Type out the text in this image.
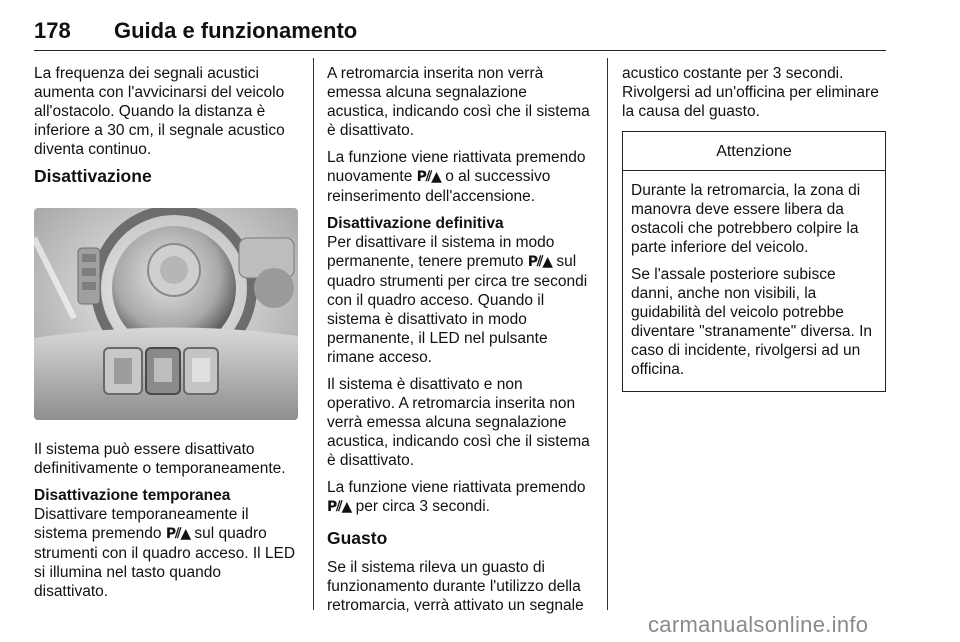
178 Guida e funzionamento

La frequenza dei segnali acustici aumenta con l'avvicinarsi del veicolo all'ostacolo. Quando la distanza è inferiore a 30 cm, il segnale acustico diventa continuo.

Disattivazione

Il sistema può essere disattivato definitivamente o temporaneamente.

Disattivazione temporanea

Disattivare temporaneamente il sistema premendo P⫽▲ sul quadro strumenti con il quadro acceso. Il LED si illumina nel tasto quando disattivato.

A retromarcia inserita non verrà emessa alcuna segnalazione acustica, indicando così che il sistema è disattivato.

La funzione viene riattivata premendo nuovamente P⫽▲ o al successivo reinserimento dell'accensione.

Disattivazione definitiva

Per disattivare il sistema in modo permanente, tenere premuto P⫽▲ sul quadro strumenti per circa tre secondi con il quadro acceso. Quando il sistema è disattivato in modo permanente, il LED nel pulsante rimane acceso.

Il sistema è disattivato e non operativo. A retromarcia inserita non verrà emessa alcuna segnalazione acustica, indicando così che il sistema è disattivato.

La funzione viene riattivata premendo P⫽▲ per circa 3 secondi.

Guasto

Se il sistema rileva un guasto di funzionamento durante l'utilizzo della retromarcia, verrà attivato un segnale

acustico costante per 3 secondi. Rivolgersi ad un'officina per eliminare la causa del guasto.

Attenzione

Durante la retromarcia, la zona di manovra deve essere libera da ostacoli che potrebbero colpire la parte inferiore del veicolo.

Se l'assale posteriore subisce danni, anche non visibili, la guidabilità del veicolo potrebbe diventare "stranamente" diversa. In caso di incidente, rivolgersi ad un officina.

carmanualsonline.info
